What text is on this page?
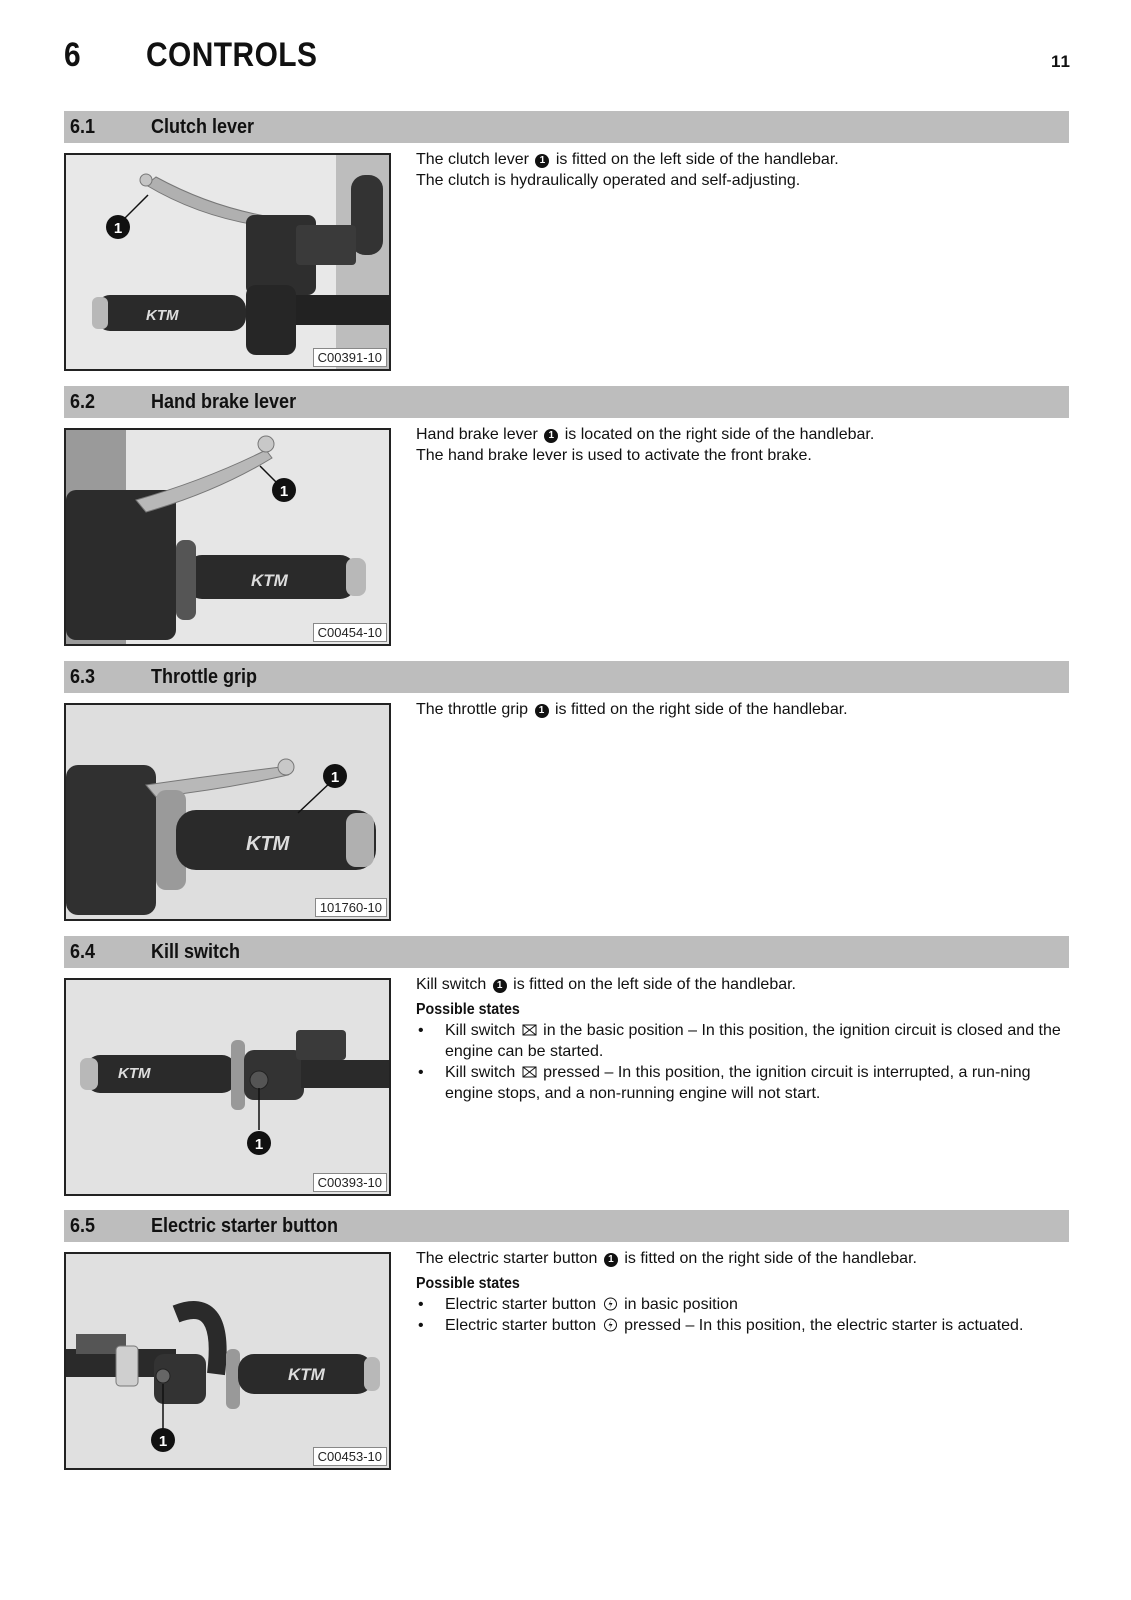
6 CONTROLS	11
6.1	Clutch lever
KTM
1
C00391-10

The clutch lever 1 is fitted on the left side of the handlebar.

The clutch is hydraulically operated and self-adjusting.

6.2	Hand brake lever
KTM
1
C00454-10

Hand brake lever 1 is located on the right side of the handlebar.

The hand brake lever is used to activate the front brake.

6.3	Throttle grip
KTM
1
101760-10

The throttle grip 1 is fitted on the right side of the handlebar.

6.4	Kill switch
KTM
1
C00393-10

Kill switch 1 is fitted on the left side of the handlebar.

Possible states
• Kill switch in the basic position – In this position, the ignition circuit is closed and the engine can be started.
• Kill switch pressed – In this position, the ignition circuit is interrupted, a run-ning engine stops, and a non-running engine will not start.
6.5	Electric starter button
KTM
1
C00453-10

The electric starter button 1 is fitted on the right side of the handlebar.

Possible states
• Electric starter button in basic position
• Electric starter button pressed – In this position, the electric starter is actuated.
